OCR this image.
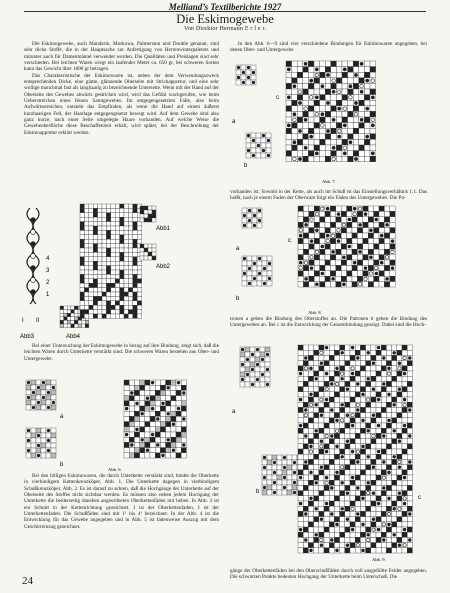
Melliand’s Textilberichte 1927
Die Eskimogewebe
Von Direktor Hermann E r l e r.

Die Eskimogewebe, auch Mandarin, Moskowa, Palmerston und Double genannt, sind sehr dicke Stoffe, die in der Hauptsache zur Anfertigung von Herrenwinterpaletots und mitunter auch für Damenmäntel verwendet werden. Die Qualitäten und Preislagen sind sehr verschieden. Bei leichten Waren wiegt ein laufender Meter ca. 650 gr, bei schweren Sorten kann das Gewicht über 1000 gr betragen.

Das Charakteristische der Eskimowaren ist, neben der dem Verwendungszweck entsprechenden Dicke, eine glatte, glänzende Oberseite mit Strichappretur, und eine sehr wollige manchmal fast als langhaarig zu bezeichnende Unterseite. Wenn mit der Hand auf der Oberseite des Gewebes abwärts gestrichen wird, wird das Gefühl wachgerufen, wie beim Ueberstreichen eines feinen Samtgewebes. Im entgegengesetzten Falle, also beim Aufwärtsstreichen, entsteht das Empfinden, als wenn die Hand auf einem äußerst kurzhaarigen Fell, der Haarlage entgegengesetzt bewegt wird. Auf dem Gewebe sind also ganz kurze, nach einer Seite umgelegte Haare vorhanden. Auf welche Weise die Gewebeoberfläche diese Beschaffenheit erhält, wird später, bei der Beschreibung der Eskimoappretur erklärt werden.

Bei einer Untersuchung der Eskimogewebe in bezug auf ihre Bindung, zeigt sich, daß die leichten Waren durch Unterkette verstärkt sind. Die schweren Waren bestehen aus Ober- und Untergewebe.

Bei den billigen Eskimowaren, die durch Unterkette verstärkt sind, bindet die Oberkette in vierbindigem Kettenkreuzköper, Abb. 1. Die Unterkette dagegen in vierbindigem Schußkreuzköper, Abb. 2. Es ist darauf zu achten, daß die Hochgänge der Unterkette auf der Oberseite des Stoffes nicht sichtbar werden. Es müssen also neben jedem Hochgang der Unterkette die beiderseitig daneben angeordneten Oberkettenfäden mit heben. In Abb. 3 ist ein Schnitt in der Kettenrichtung gezeichnet. I ist der Oberkettenfaden, I ist der Unterkettenfaden. Die Schußfäden sind mit 1¹ bis 4¹ bezeichnet. In der Abb. 4 ist die Entwicklung für das Gewebe angegeben und in Abb. 5 ist fadenweise Auszug mit dem Geschirreinzug gezeichnet.

In den Abb. 6—9 sind vier verschiedene Bindungen für Eskimowaren angegeben, bei denen Ober- und Untergewebe

vorhanden ist. Sowohl in der Kette, als auch im Schuß ist das Einstellungsverhältnis 1:1. Das heißt, nach je einem Faden der Oberware folgt ein Faden des Untergewebes. Die Pa-

tronen a geben die Bindung des Oberstoffes an. Die Patronen b geben die Bindung des Untergewebes an. Bei c ist die Entwicklung der Gesamtbindung gezeigt. Dabei sind die Hoch-

gänge der Oberkettenfäden bei den Oberschußfäden durch voll ausgefüllte Felder angegeben. Die schwarzen Punkte bedeuten Hochgang der Unterkette beim Unterschuß. Die

4
3
2
1
I II
Abb3	Abb4
Abb1
Abb2
a
b
Abb. 6.
a
b
c
Abb. 7.
a
b
c
Abb. 8.
a
b
c
Abb. 9.
24
